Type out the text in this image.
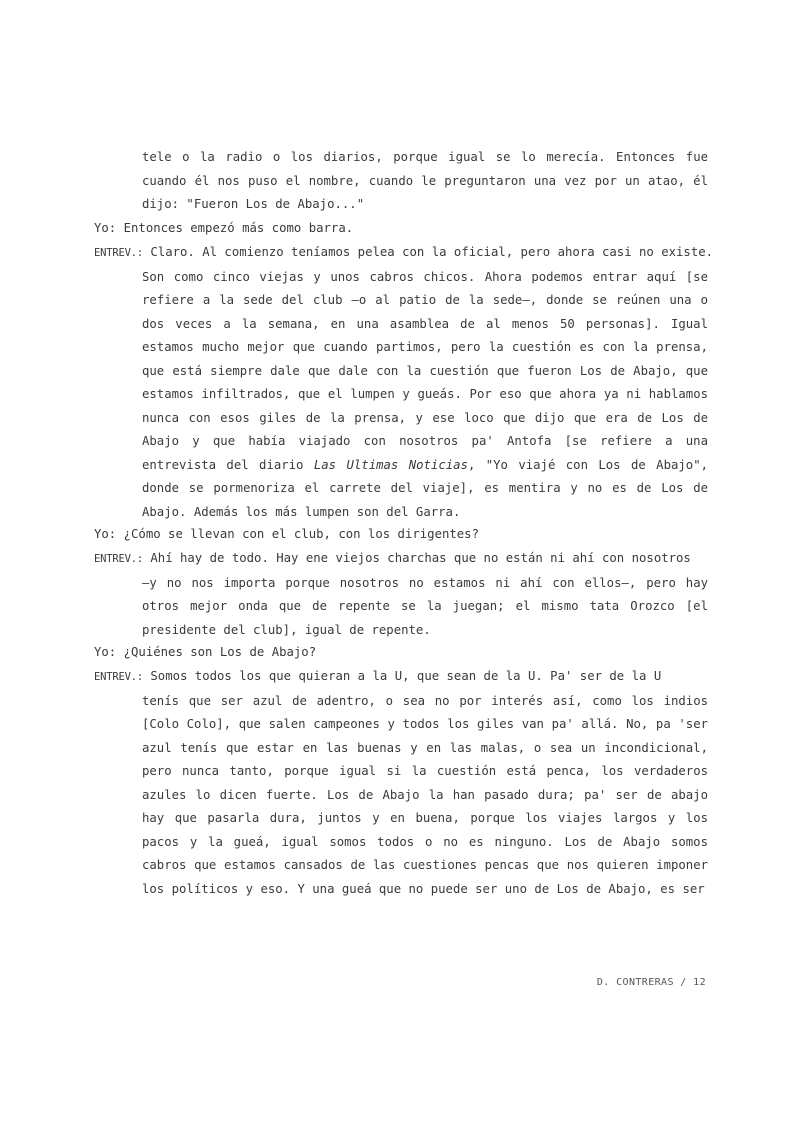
tele o la radio o los diarios, porque igual se lo merecía. Entonces fue cuando él nos puso el nombre, cuando le preguntaron una vez por un atao, él dijo: "Fueron Los de Abajo..."
Yo: Entonces empezó más como barra.
ENTREV.: Claro. Al comienzo teníamos pelea con la oficial, pero ahora casi no existe.
Son como cinco viejas y unos cabros chicos. Ahora podemos entrar aquí [se refiere a la sede del club —o al patio de la sede—, donde se reúnen una o dos veces a la semana, en una asamblea de al menos 50 personas]. Igual estamos mucho mejor que cuando partimos, pero la cuestión es con la prensa, que está siempre dale que dale con la cuestión que fueron Los de Abajo, que estamos infiltrados, que el lumpen y gueás. Por eso que ahora ya ni hablamos nunca con esos giles de la prensa, y ese loco que dijo que era de Los de Abajo y que había viajado con nosotros pa' Antofa [se refiere a una entrevista del diario Las Ultimas Noticias, "Yo viajé con Los de Abajo", donde se pormenoriza el carrete del viaje], es mentira y no es de Los de Abajo. Además los más lumpen son del Garra.
Yo: ¿Cómo se llevan con el club, con los dirigentes?
ENTREV.: Ahí hay de todo. Hay ene viejos charchas que no están ni ahí con nosotros
—y no nos importa porque nosotros no estamos ni ahí con ellos—, pero hay otros mejor onda que de repente se la juegan; el mismo tata Orozco [el presidente del club], igual de repente.
Yo: ¿Quiénes son Los de Abajo?
ENTREV.: Somos todos los que quieran a la U, que sean de la U. Pa' ser de la U
tenís que ser azul de adentro, o sea no por interés así, como los indios [Colo Colo], que salen campeones y todos los giles van pa' allá. No, pa 'ser azul tenís que estar en las buenas y en las malas, o sea un incondicional, pero nunca tanto, porque igual si la cuestión está penca, los verdaderos azules lo dicen fuerte. Los de Abajo la han pasado dura; pa' ser de abajo hay que pasarla dura, juntos y en buena, porque los viajes largos y los pacos y la gueá, igual somos todos o no es ninguno. Los de Abajo somos cabros que estamos cansados de las cuestiones pencas que nos quieren imponer los políticos y eso. Y una gueá que no puede ser uno de Los de Abajo, es ser
D. CONTRERAS / 12
